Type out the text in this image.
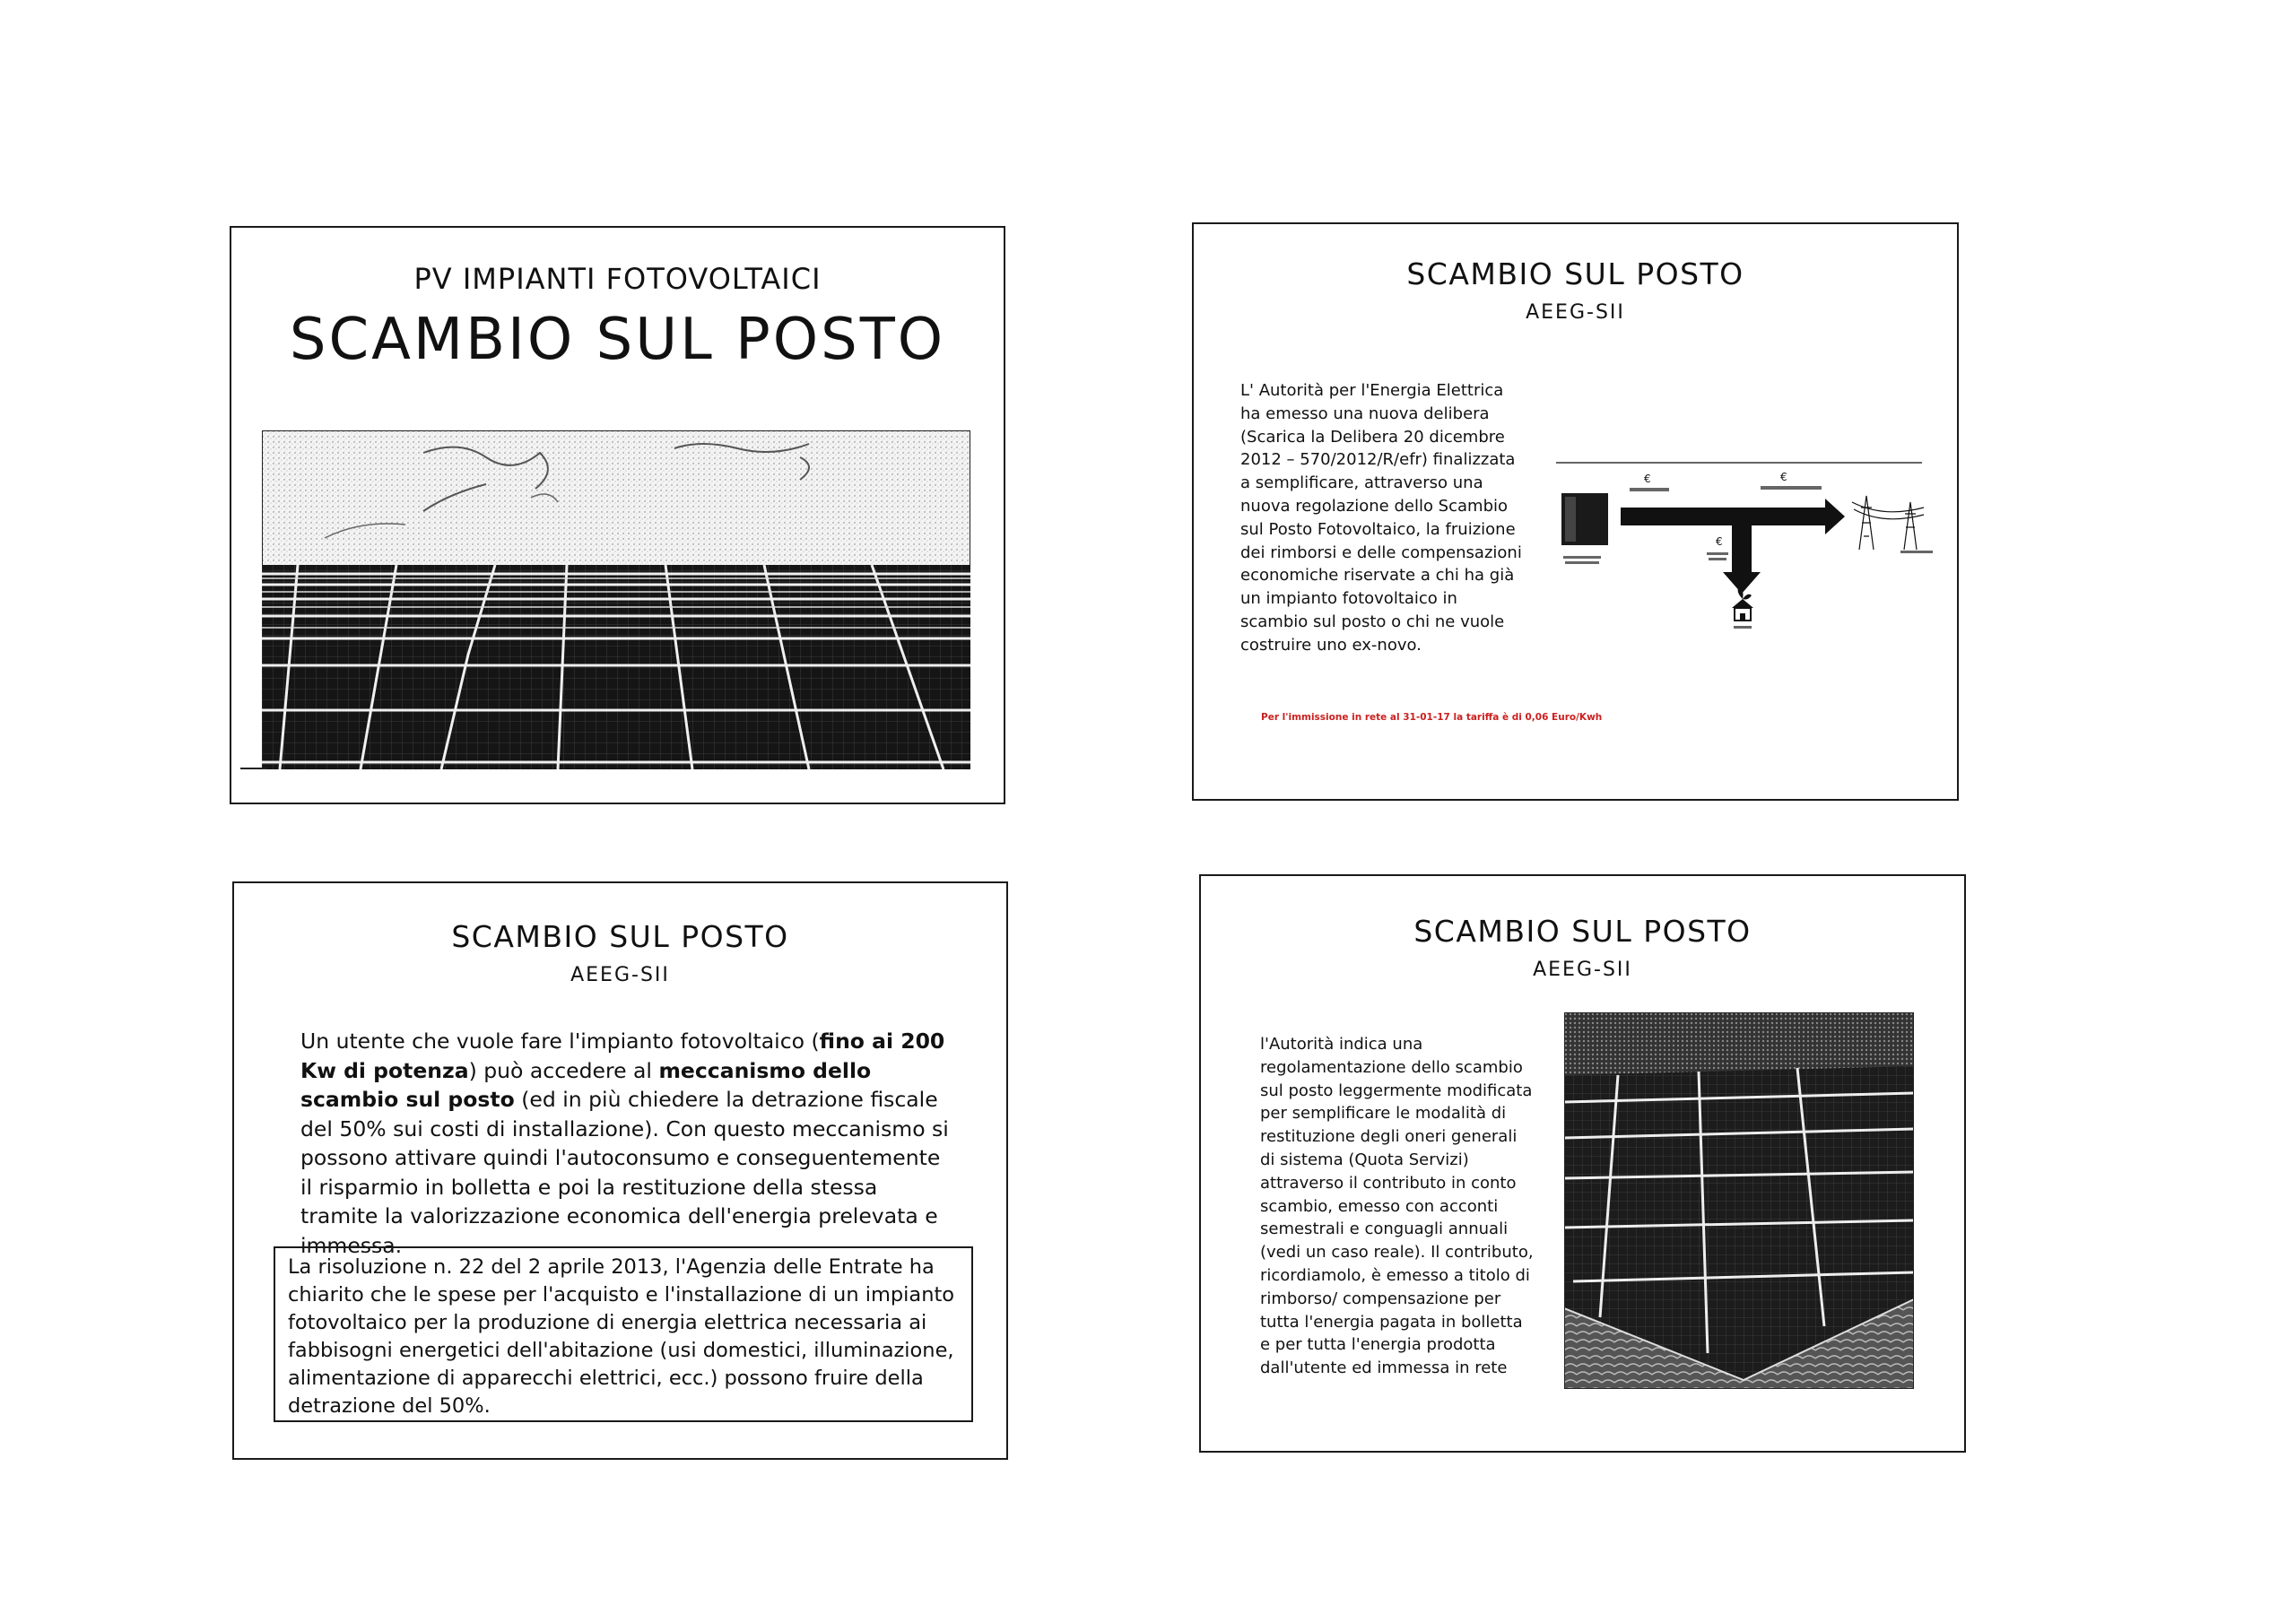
PV IMPIANTI FOTOVOLTAICI
SCAMBIO SUL POSTO
SCAMBIO SUL POSTO
AEEG-SII
L' Autorità per l'Energia Elettrica ha emesso una nuova delibera (Scarica la Delibera 20 dicembre 2012 – 570/2012/R/efr) finalizzata a semplificare, attraverso una nuova regolazione dello Scambio sul Posto Fotovoltaico, la fruizione dei rimborsi e delle compensazioni economiche riservate a chi ha già un impianto fotovoltaico in scambio sul posto o chi ne vuole costruire uno ex-novo.
Per l'immissione in rete al 31-01-17 la tariffa è di 0,06 Euro/Kwh
€	€
€
SCAMBIO SUL POSTO
AEEG-SII
Un utente che vuole fare l'impianto fotovoltaico (fino ai 200 Kw di potenza) può accedere al meccanismo dello scambio sul posto (ed in più chiedere la detrazione fiscale del 50% sui costi di installazione). Con questo meccanismo si possono attivare quindi l'autoconsumo e conseguentemente il risparmio in bolletta e poi la restituzione della stessa tramite la valorizzazione economica dell'energia prelevata e immessa.
La risoluzione n. 22 del 2 aprile 2013, l'Agenzia delle Entrate ha chiarito che le spese per l'acquisto e l'installazione di un impianto fotovoltaico per la produzione di energia elettrica necessaria ai fabbisogni energetici dell'abitazione (usi domestici, illuminazione, alimentazione di apparecchi elettrici, ecc.) possono fruire della detrazione del 50%.
SCAMBIO SUL POSTO
AEEG-SII
l'Autorità indica una regolamentazione dello scambio sul posto leggermente modificata per semplificare le modalità di restituzione degli oneri generali di sistema (Quota Servizi) attraverso il contributo in conto scambio, emesso con acconti semestrali e conguagli annuali (vedi un caso reale). Il contributo, ricordiamolo, è emesso a titolo di rimborso/ compensazione per tutta l'energia pagata in bolletta e per tutta l'energia prodotta dall'utente ed immessa in rete
